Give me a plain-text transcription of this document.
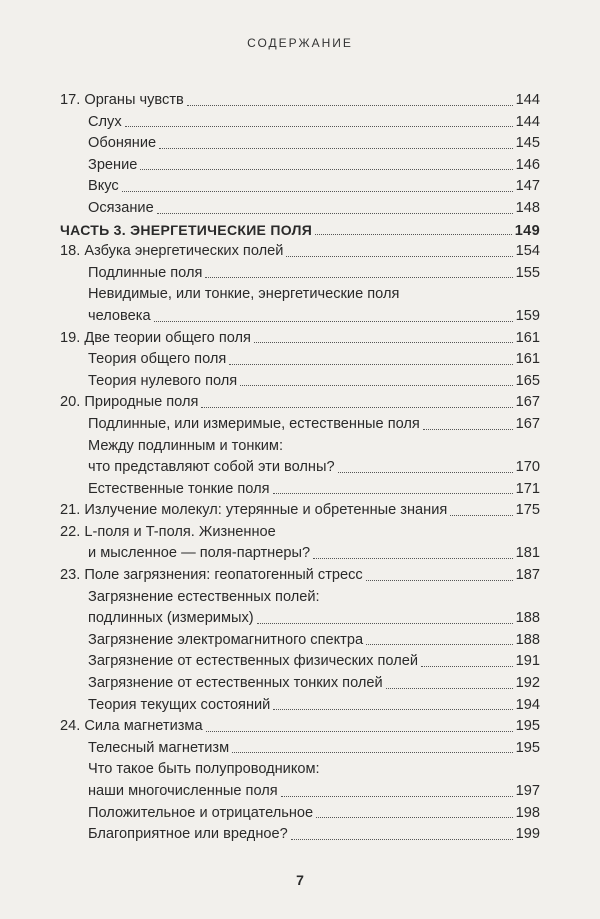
СОДЕРЖАНИЕ
17. Органы чувств	144
Слух	144
Обоняние	145
Зрение	146
Вкус	147
Осязание	148
ЧАСТЬ 3. ЭНЕРГЕТИЧЕСКИЕ ПОЛЯ	149
18. Азбука энергетических полей	154
Подлинные поля	155
Невидимые, или тонкие, энергетические поля
человека	159
19. Две теории общего поля	161
Теория общего поля	161
Теория нулевого поля	165
20. Природные поля	167
Подлинные, или измеримые, естественные поля	167
Между подлинным и тонким:
что представляют собой эти волны?	170
Естественные тонкие поля	171
21. Излучение молекул: утерянные и обретенные знания	175
22. L-поля и T-поля. Жизненное
и мысленное — поля-партнеры?	181
23. Поле загрязнения: геопатогенный стресс	187
Загрязнение естественных полей:
подлинных (измеримых)	188
Загрязнение электромагнитного спектра	188
Загрязнение от естественных физических полей	191
Загрязнение от естественных тонких полей	192
Теория текущих состояний	194
24. Сила магнетизма	195
Телесный магнетизм	195
Что такое быть полупроводником:
наши многочисленные поля	197
Положительное и отрицательное	198
Благоприятное или вредное?	199
7
